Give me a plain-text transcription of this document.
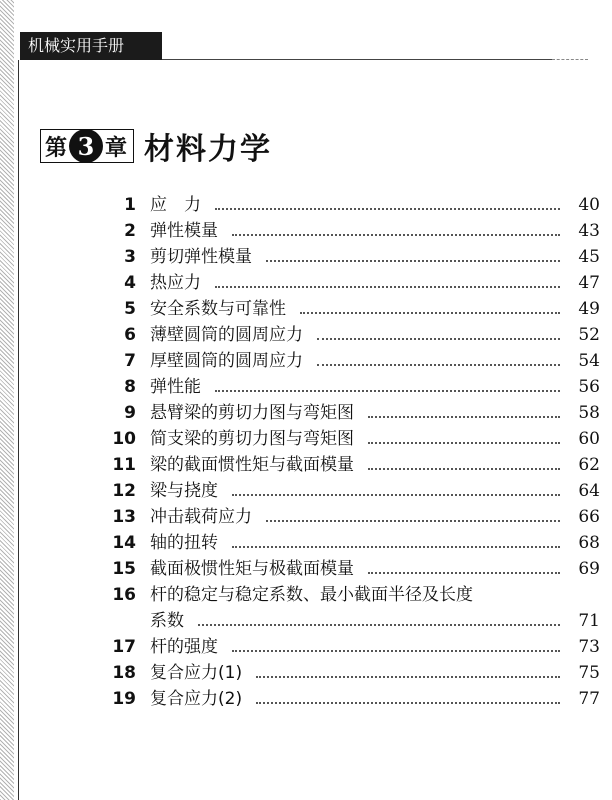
机械实用手册
第 3 章 材料力学
1 应　力	40
2 弹性模量	43
3 剪切弹性模量	45
4 热应力	47
5 安全系数与可靠性	49
6 薄壁圆筒的圆周应力	52
7 厚壁圆筒的圆周应力	54
8 弹性能	56
9 悬臂梁的剪切力图与弯矩图	58
10 简支梁的剪切力图与弯矩图	60
11 梁的截面惯性矩与截面模量	62
12 梁与挠度	64
13 冲击载荷应力	66
14 轴的扭转	68
15 截面极惯性矩与极截面模量	69
16 杆的稳定与稳定系数、最小截面半径及长度
系数	71
17 杆的强度	73
18 复合应力(1)	75
19 复合应力(2)	77
